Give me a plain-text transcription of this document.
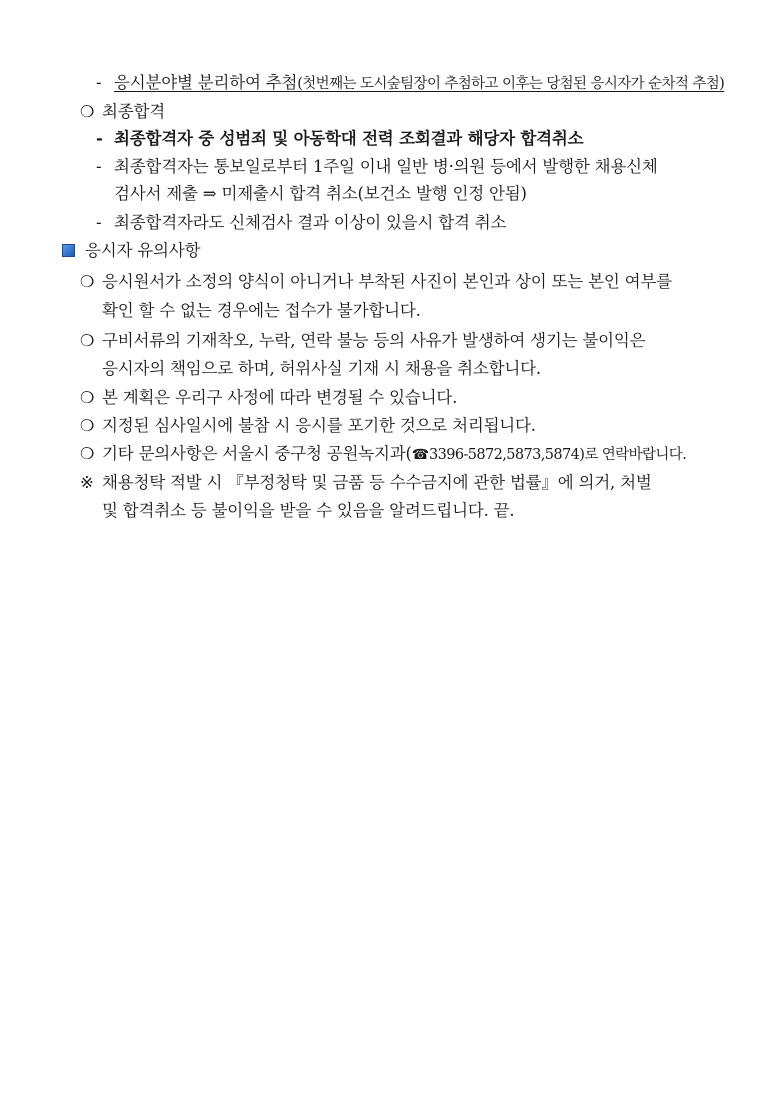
- 응시분야별 분리하여 추첨(첫번째는 도시숲팀장이 추첨하고 이후는 당첨된 응시자가 순차적 추첨)
❍ 최종합격
- 최종합격자 중 성범죄 및 아동학대 전력 조회결과 해당자 합격취소
- 최종합격자는 통보일로부터 1주일 이내 일반 병·의원 등에서 발행한 채용신체
검사서 제출 ⇒ 미제출시 합격 취소(보건소 발행 인정 안됨)
- 최종합격자라도 신체검사 결과 이상이 있을시 합격 취소
응시자 유의사항
❍ 응시원서가 소정의 양식이 아니거나 부착된 사진이 본인과 상이 또는 본인 여부를
확인 할 수 없는 경우에는 접수가 불가합니다.
❍ 구비서류의 기재착오, 누락, 연락 불능 등의 사유가 발생하여 생기는 불이익은
응시자의 책임으로 하며, 허위사실 기재 시 채용을 취소합니다.
❍ 본 계획은 우리구 사정에 따라 변경될 수 있습니다.
❍ 지정된 심사일시에 불참 시 응시를 포기한 것으로 처리됩니다.
❍ 기타 문의사항은 서울시 중구청 공원녹지과(☎3396-5872,5873,5874)로 연락바랍니다.
※ 채용청탁 적발 시 『부정청탁 및 금품 등 수수금지에 관한 법률』에 의거, 처벌
및 합격취소 등 불이익을 받을 수 있음을 알려드립니다. 끝.
